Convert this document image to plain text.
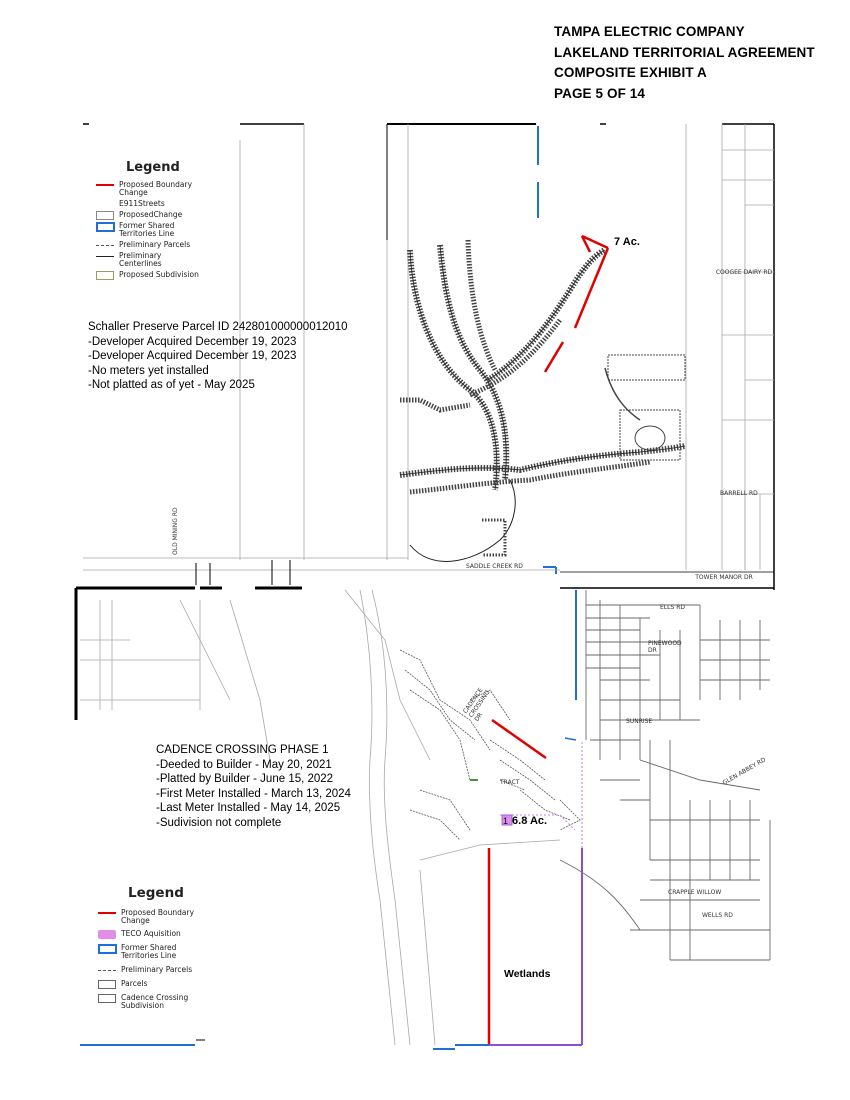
TAMPA ELECTRIC COMPANY
LAKELAND TERRITORIAL AGREEMENT
COMPOSITE EXHIBIT A
PAGE 5 OF 14
Legend
Proposed Boundary Change
E911Streets
ProposedChange
Former Shared Territories Line
Preliminary Parcels
Preliminary Centerlines
Proposed Subdivision
Schaller Preserve Parcel ID 242801000000012010
-Developer Acquired December 19, 2023
-Developer Acquired December 19, 2023
-No meters yet installed
-Not platted as of yet - May 2025
CADENCE CROSSING PHASE 1
-Deeded to Builder - May 20, 2021
-Platted by Builder - June 15, 2022
-First Meter Installed - March 13, 2024
-Last Meter Installed - May 14, 2025
-Sudivision not complete
Legend
Proposed Boundary Change
TECO Aquisition
Former Shared Territories Line
Preliminary Parcels
Parcels
Cadence Crossing Subdivision
7 Ac.
1 6.8 Ac.
Wetlands
COOGEE DAIRY RD
BARRELL RD
SADDLE CREEK RD
TOWER MANOR DR
ELLS RD
PINEWOOD DR
SUNRISE
GLEN ABBEY RD
CRAPPLE WILLOW
WELLS RD
OLD MINING RD
CADENCE CROSSING DR
TRACT
